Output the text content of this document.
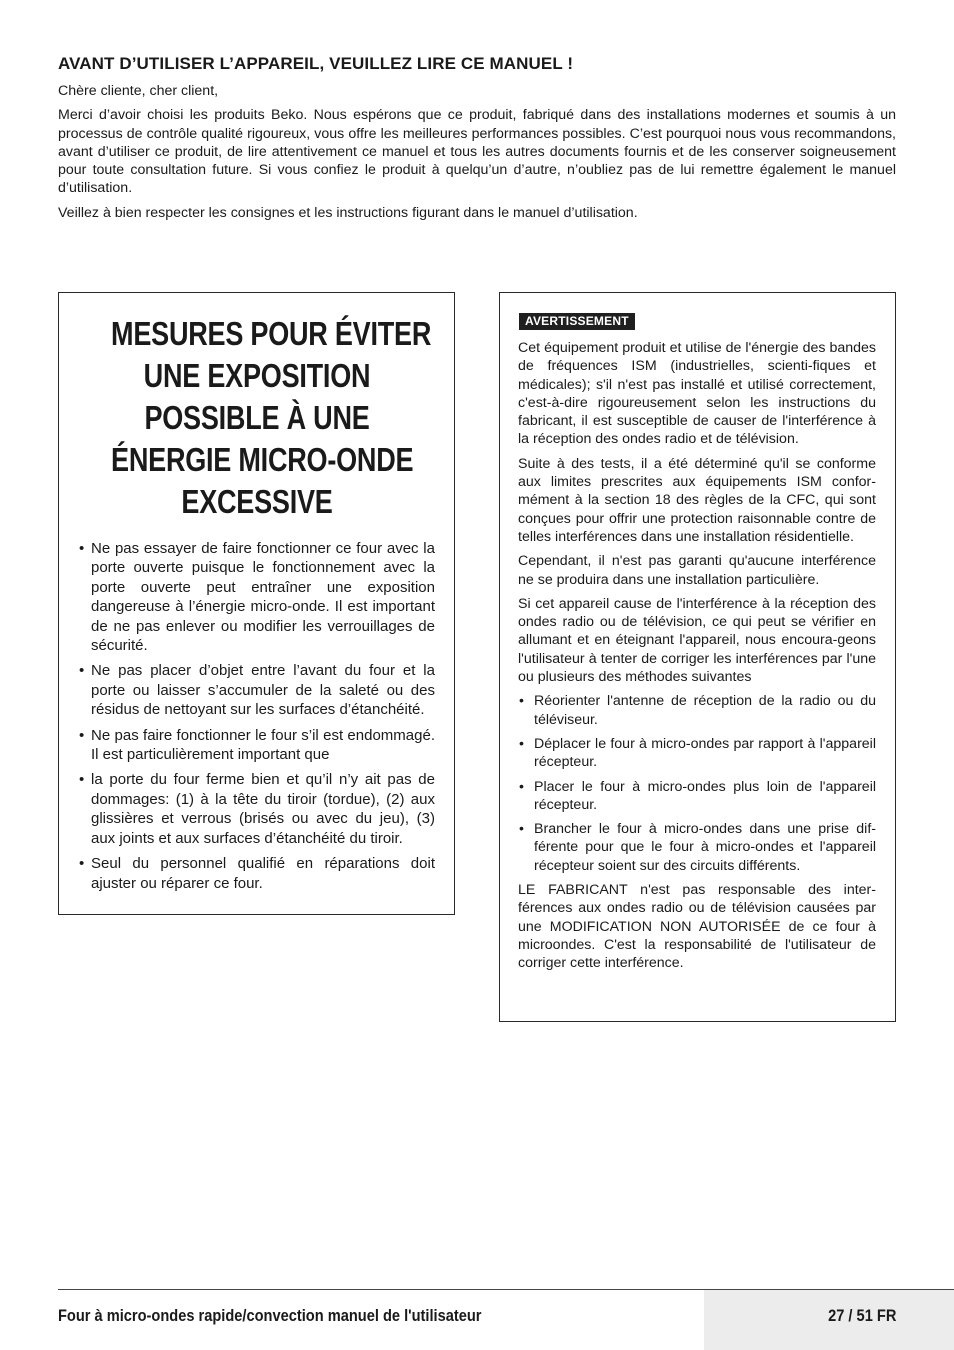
AVANT D’UTILISER L’APPAREIL, VEUILLEZ LIRE CE MANUEL !

Chère cliente, cher client,

Merci d’avoir choisi les produits Beko. Nous espérons que ce produit, fabriqué dans des installations modernes et soumis à un processus de contrôle qualité rigoureux, vous offre les meilleures performances possibles. C’est pourquoi nous vous recommandons, avant d’utiliser ce produit, de lire attentivement ce manuel et tous les autres documents fournis et de les conserver soigneusement pour toute consultation future. Si vous confiez le produit à quelqu’un d’autre, n’oubliez pas de lui remettre également le manuel d’utilisation.

Veillez à bien respecter les consignes et les instructions figurant dans le manuel d’utilisation.

MESURES POUR ÉVITER
UNE EXPOSITION
POSSIBLE À UNE
ÉNERGIE MICRO-ONDE
EXCESSIVE
• Ne pas essayer de faire fonctionner ce four avec la porte ouverte puisque le fonctionnement avec la porte ouverte peut entraîner une exposition dangereuse à l’énergie micro-onde. Il est important de ne pas enlever ou modifier les verrouillages de sécurité.
• Ne pas placer d’objet entre l’avant du four et la porte ou laisser s’accumuler de la saleté ou des résidus de nettoyant sur les surfaces d’étanchéité.
• Ne pas faire fonctionner le four s’il est endommagé. Il est particulièrement important que
• la porte du four ferme bien et qu’il n’y ait pas de dommages: (1) à la tête du tiroir (tordue), (2) aux glissières et verrous (brisés ou avec du jeu), (3) aux joints et aux surfaces d’étanchéité du tiroir.
• Seul du personnel qualifié en réparations doit ajuster ou réparer ce four.
AVERTISSEMENT

Cet équipement produit et utilise de l'énergie des bandes de fréquences ISM (industrielles, scienti-fiques et médicales); s'il n'est pas installé et utilisé correctement, c'est-à-dire rigoureusement selon les instructions du fabricant, il est susceptible de causer de l'interférence à la réception des ondes radio et de télévision.

Suite à des tests, il a été déterminé qu'il se conforme aux limites prescrites aux équipements ISM confor-mément à la section 18 des règles de la CFC, qui sont conçues pour offrir une protection raisonnable contre de telles interférences dans une installation résidentielle.

Cependant, il n'est pas garanti qu'aucune interférence ne se produira dans une installation particulière.

Si cet appareil cause de l'interférence à la réception des ondes radio ou de télévision, ce qui peut se vérifier en allumant et en éteignant l'appareil, nous encoura-geons l'utilisateur à tenter de corriger les interférences par l'une ou plusieurs des méthodes suivantes

• Réorienter l'antenne de réception de la radio ou du téléviseur.
• Déplacer le four à micro-ondes par rapport à l'appareil récepteur.
• Placer le four à micro-ondes plus loin de l'appareil récepteur.
• Brancher le four à micro-ondes dans une prise dif-férente pour que le four à micro-ondes et l'appareil récepteur soient sur des circuits différents.

LE FABRICANT n'est pas responsable des inter-férences aux ondes radio ou de télévision causées par une MODIFICATION NON AUTORISÉE de ce four à microondes. C'est la responsabilité de l'utilisateur de corriger cette interférence.

Four à micro-ondes rapide/convection manuel de l'utilisateur	27 / 51 FR
